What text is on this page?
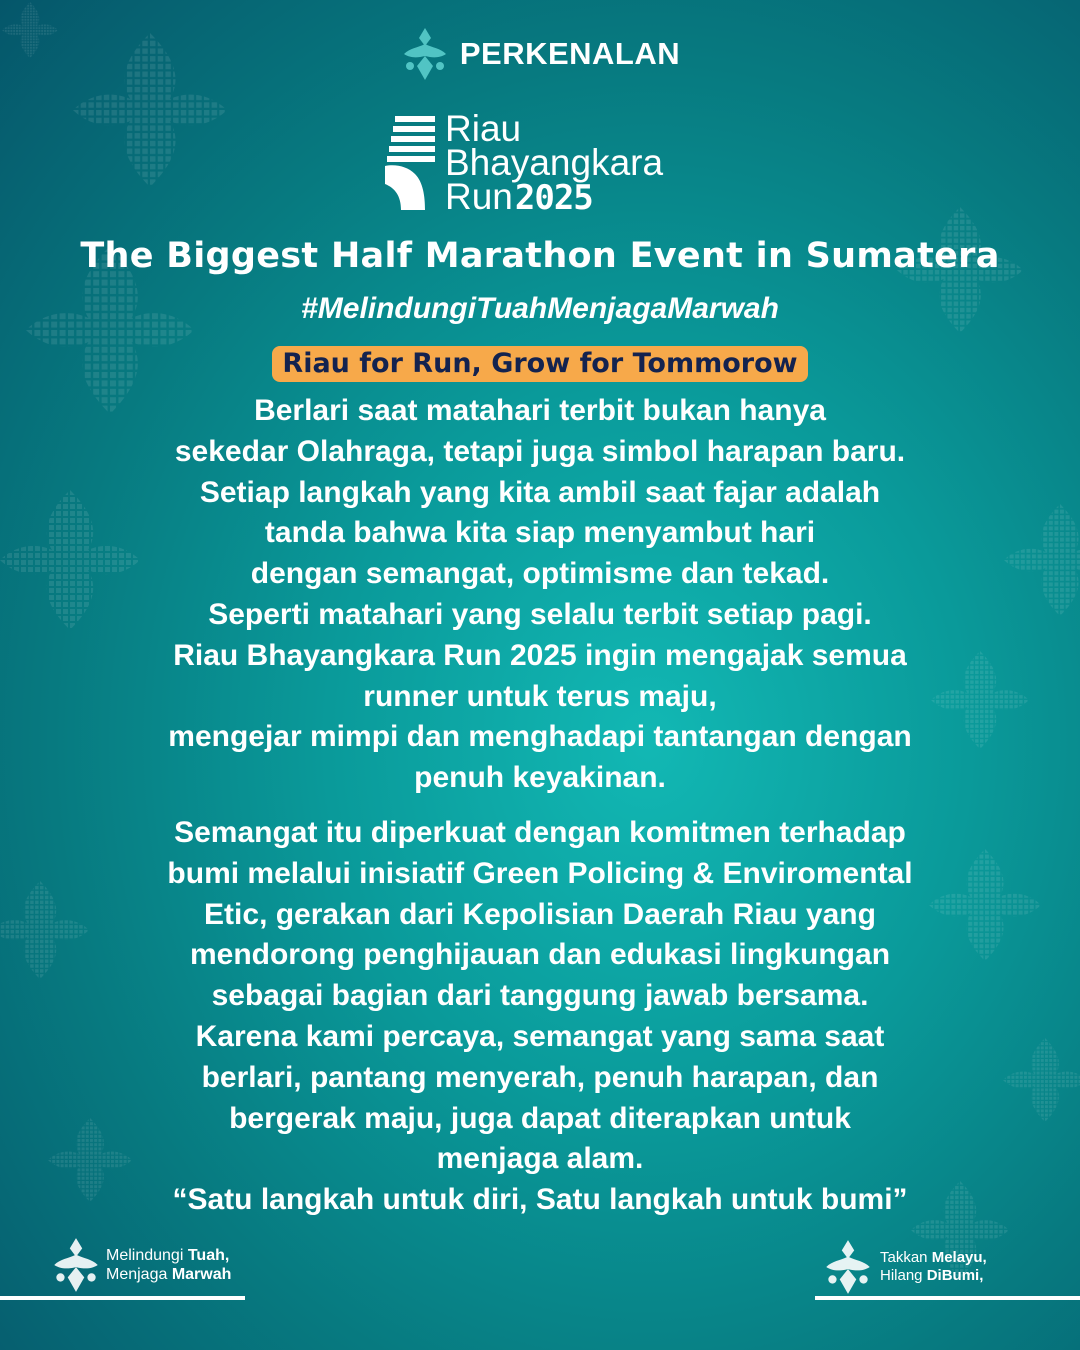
PERKENALAN
Riau
Bhayangkara
Run2025
The Biggest Half Marathon Event in Sumatera
#MelindungiTuahMenjagaMarwah
Riau for Run, Grow for Tommorow
Berlari saat matahari terbit bukan hanya
sekedar Olahraga, tetapi juga simbol harapan baru.
Setiap langkah yang kita ambil saat fajar adalah
tanda bahwa kita siap menyambut hari
dengan semangat, optimisme dan tekad.
Seperti matahari yang selalu terbit setiap pagi.
Riau Bhayangkara Run 2025 ingin mengajak semua
runner untuk terus maju,
mengejar mimpi dan menghadapi tantangan dengan
penuh keyakinan.
Semangat itu diperkuat dengan komitmen terhadap
bumi melalui inisiatif Green Policing & Enviromental
Etic, gerakan dari Kepolisian Daerah Riau yang
mendorong penghijauan dan edukasi lingkungan
sebagai bagian dari tanggung jawab bersama.
Karena kami percaya, semangat yang sama saat
berlari, pantang menyerah, penuh harapan, dan
bergerak maju, juga dapat diterapkan untuk
menjaga alam.
“Satu langkah untuk diri, Satu langkah untuk bumi”
Melindungi Tuah,
Menjaga Marwah
Takkan Melayu,
Hilang DiBumi,
